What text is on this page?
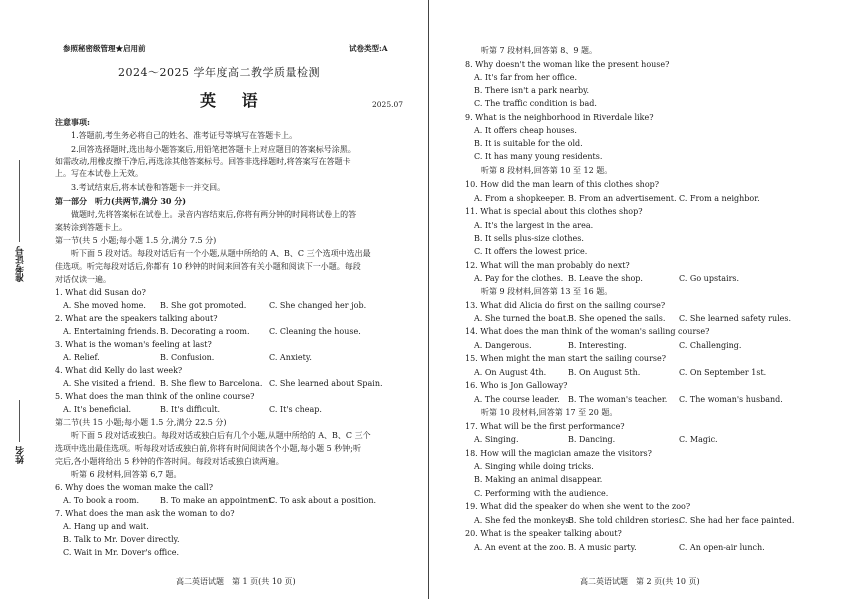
参照秘密级管理★启用前	试卷类型:A
2024～2025 学年度高二教学质量检测
英 语	2025.07
注意事项:
1.答题前,考生务必将自己的姓名、准考证号等填写在答题卡上。
2.回答选择题时,选出每小题答案后,用铅笔把答题卡上对应题目的答案标号涂黑。
如需改动,用橡皮擦干净后,再选涂其他答案标号。回答非选择题时,将答案写在答题卡
上。写在本试卷上无效。
3.考试结束后,将本试卷和答题卡一并交回。
第一部分　听力(共两节,满分 30 分)
做题时,先将答案标在试卷上。录音内容结束后,你将有两分钟的时间将试卷上的答
案转涂到答题卡上。
第一节(共 5 小题;每小题 1.5 分,满分 7.5 分)
听下面 5 段对话。每段对话后有一个小题,从题中所给的 A、B、C 三个选项中选出最
佳选项。听完每段对话后,你都有 10 秒钟的时间来回答有关小题和阅读下一小题。每段
对话仅读一遍。
1. What did Susan do?
A. She moved home. B. She got promoted.	C. She changed her job.
2. What are the speakers talking about?
A. Entertaining friends. B. Decorating a room. C. Cleaning the house.
3. What is the woman's feeling at last?
A. Relief.	B. Confusion.	C. Anxiety.
4. What did Kelly do last week?
A. She visited a friend. B. She flew to Barcelona. C. She learned about Spain.
5. What does the man think of the online course?
A. It's beneficial.	B. It's difficult.	C. It's cheap.
第二节(共 15 小题;每小题 1.5 分,满分 22.5 分)
听下面 5 段对话或独白。每段对话或独白后有几个小题,从题中所给的 A、B、C 三个
选项中选出最佳选项。听每段对话或独白前,你将有时间阅读各个小题,每小题 5 秒钟;听
完后,各小题将给出 5 秒钟的作答时间。每段对话或独白读两遍。
听第 6 段材料,回答第 6,7 题。
6. Why does the woman make the call?
A. To book a room.	B. To make an appointment.
C. To ask about a position.
7. What does the man ask the woman to do?
A. Hang up and wait.
B. Talk to Mr. Dover directly.
C. Wait in Mr. Dover's office.
准考证号
姓名
高二英语试题　第 1 页(共 10 页)
听第 7 段材料,回答第 8、9 题。
8. Why doesn't the woman like the present house?
A. It's far from her office.
B. There isn't a park nearby.
C. The traffic condition is bad.
9. What is the neighborhood in Riverdale like?
A. It offers cheap houses.
B. It is suitable for the old.
C. It has many young residents.
听第 8 段材料,回答第 10 至 12 题。
10. How did the man learn of this clothes shop?
A. From a shopkeeper. B. From an advertisement. C. From a neighbor.
11. What is special about this clothes shop?
A. It's the largest in the area.
B. It sells plus-size clothes.
C. It offers the lowest price.
12. What will the man probably do next?
A. Pay for the clothes. B. Leave the shop.	C. Go upstairs.
听第 9 段材料,回答第 13 至 16 题。
13. What did Alicia do first on the sailing course?
A. She turned the boat. B. She opened the sails. C. She learned safety rules.
14. What does the man think of the woman's sailing course?
A. Dangerous.	B. Interesting.	C. Challenging.
15. When might the man start the sailing course?
A. On August 4th.	B. On August 5th.	C. On September 1st.
16. Who is Jon Galloway?
A. The course leader. B. The woman's teacher. C. The woman's husband.
听第 10 段材料,回答第 17 至 20 题。
17. What will be the first performance?
A. Singing.	B. Dancing.	C. Magic.
18. How will the magician amaze the visitors?
A. Singing while doing tricks.
B. Making an animal disappear.
C. Performing with the audience.
19. What did the speaker do when she went to the zoo?
A. She fed the monkeys.
B. She told children stories.
C. She had her face painted.
20. What is the speaker talking about?
A. An event at the zoo. B. A music party.	C. An open-air lunch.
高二英语试题　第 2 页(共 10 页)
